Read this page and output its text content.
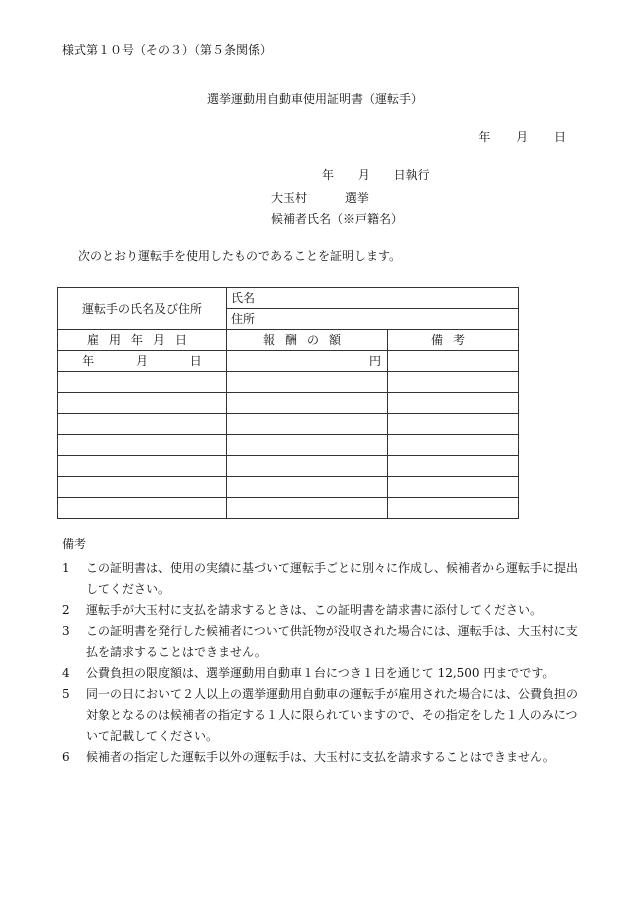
様式第１０号（その３）（第５条関係）
選挙運動用自動車使用証明書（運転手）
年 月 日
年 月 日執行
大玉村 選挙
候補者氏名（※戸籍名）
次のとおり運転手を使用したものであることを証明します。
運転手の氏名及び住所	氏名	
	住所	
雇用年月日	報酬の額	備考
年 月 日	円	

備考
1 この証明書は、使用の実績に基づいて運転手ごとに別々に作成し、候補者から運転手に提出してください。
2 運転手が大玉村に支払を請求するときは、この証明書を請求書に添付してください。
3 この証明書を発行した候補者について供託物が没収された場合には、運転手は、大玉村に支払を請求することはできません。
4 公費負担の限度額は、選挙運動用自動車１台につき１日を通じて 12,500 円までです。
5 同一の日において２人以上の選挙運動用自動車の運転手が雇用された場合には、公費負担の対象となるのは候補者の指定する１人に限られていますので、その指定をした１人のみについて記載してください。
6 候補者の指定した運転手以外の運転手は、大玉村に支払を請求することはできません。
